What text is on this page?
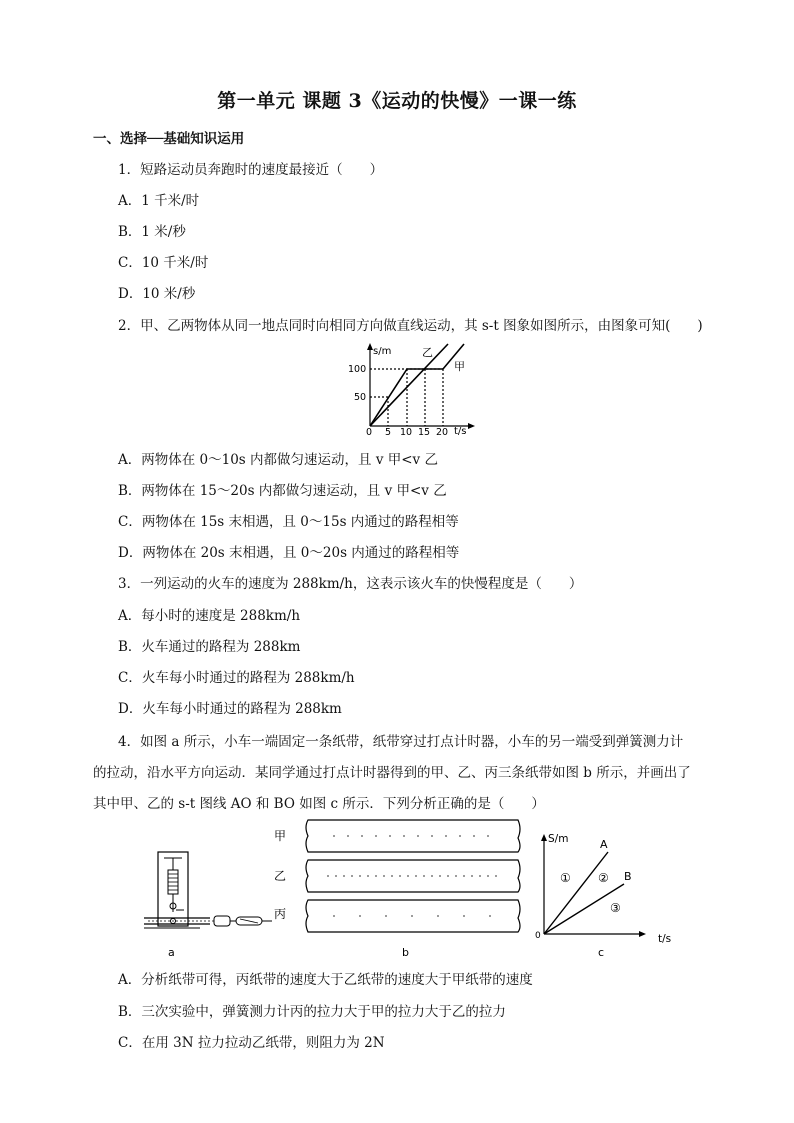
第一单元 课题 3《运动的快慢》一课一练
一、选择──基础知识运用
1．短路运动员奔跑时的速度最接近（　　）
A．1 千米/时
B．1 米/秒
C．10 千米/时
D．10 米/秒
2．甲、乙两物体从同一地点同时向相同方向做直线运动，其 s-t 图象如图所示，由图象可知(　　)
s/m
t/s
100
50
0 5 10 15 20
乙
甲
A．两物体在 0～10s 内都做匀速运动，且 v 甲<v 乙
B．两物体在 15～20s 内都做匀速运动，且 v 甲<v 乙
C．两物体在 15s 末相遇，且 0～15s 内通过的路程相等
D．两物体在 20s 末相遇，且 0～20s 内通过的路程相等
3．一列运动的火车的速度为 288km/h，这表示该火车的快慢程度是（　　）
A．每小时的速度是 288km/h
B．火车通过的路程为 288km
C．火车每小时通过的路程为 288km/h
D．火车每小时通过的路程为 288km
4．如图 a 所示，小车一端固定一条纸带，纸带穿过打点计时器，小车的另一端受到弹簧测力计
的拉动，沿水平方向运动．某同学通过打点计时器得到的甲、乙、丙三条纸带如图 b 所示，并画出了
其中甲、乙的 s-t 图线 AO 和 BO 如图 c 所示．下列分析正确的是（　　）
a
甲
乙
丙
b
S/m
t/s
0
A
B
① ②
③
c
A．分析纸带可得，丙纸带的速度大于乙纸带的速度大于甲纸带的速度
B．三次实验中，弹簧测力计丙的拉力大于甲的拉力大于乙的拉力
C．在用 3N 拉力拉动乙纸带，则阻力为 2N
